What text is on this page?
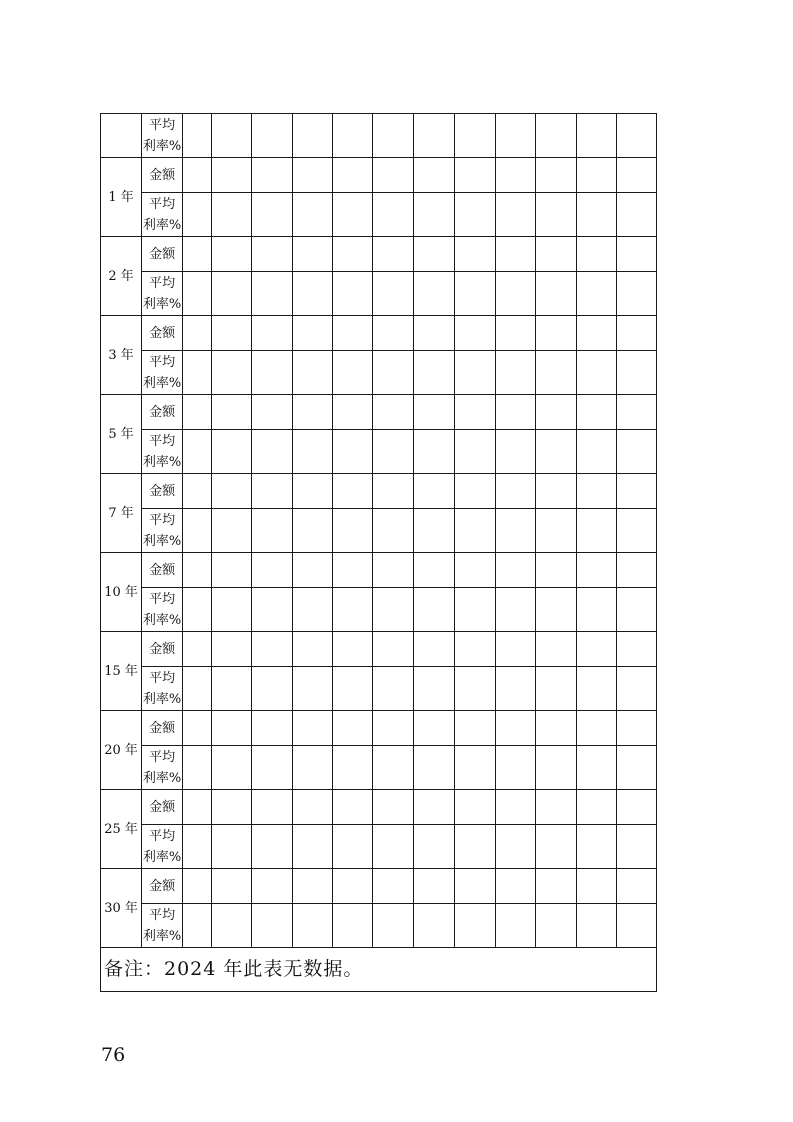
	平均
利率%												

1 年	金额												

	平均
利率%												

2 年	金额												

	平均
利率%												

3 年	金额												

	平均
利率%												

5 年	金额												

	平均
利率%												

7 年	金额												

	平均
利率%												

10 年	金额												

	平均
利率%												

15 年	金额												

	平均
利率%												

20 年	金额												

	平均
利率%												

25 年	金额												

	平均
利率%												

30 年	金额												

	平均
利率%												

备注：2024 年此表无数据。													
76
